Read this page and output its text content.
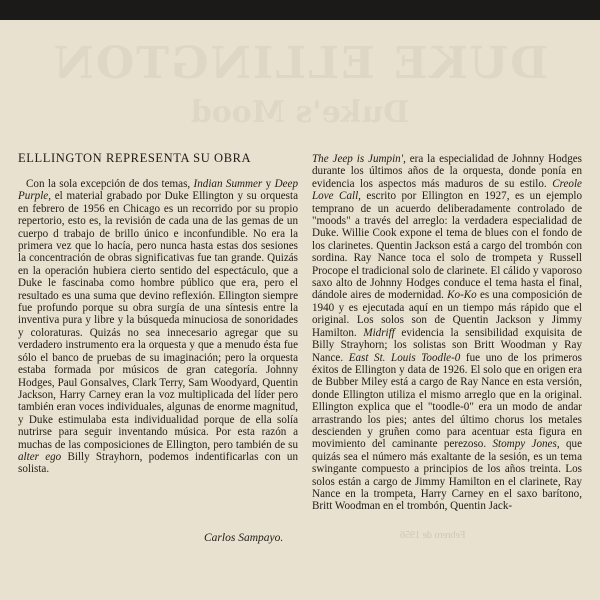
DUKE ELLINGTON
Duke's Mood
Febrero de 1956
ELLLINGTON REPRESENTA SU OBRA

Con la sola excepción de dos temas, Indian Summer y Deep Purple, el material grabado por Duke Ellington y su orquesta en febrero de 1956 en Chicago es un recorrido por su propio repertorio, esto es, la revisión de cada una de las gemas de un cuerpo d trabajo de brillo único e inconfundible. No era la primera vez que lo hacía, pero nunca hasta estas dos sesiones la concentración de obras significativas fue tan grande. Quizás en la operación hubiera cierto sentido del espectáculo, que a Duke le fascinaba como hombre público que era, pero el resultado es una suma que devino reflexión. Ellington siempre fue profundo porque su obra surgía de una síntesis entre la inventiva pura y libre y la búsqueda minuciosa de sonoridades y coloraturas. Quizás no sea innecesario agregar que su verdadero instrumento era la orquesta y que a menudo ésta fue sólo el banco de pruebas de su imaginación; pero la orquesta estaba formada por músicos de gran categoría. Johnny Hodges, Paul Gonsalves, Clark Terry, Sam Woodyard, Quentin Jackson, Harry Carney eran la voz multiplicada del líder pero también eran voces individuales, algunas de enorme magnitud, y Duke estimulaba esta individualidad porque de ella solía nutrirse para seguir inventando música. Por esta razón a muchas de las composiciones de Ellington, pero también de su alter ego Billy Strayhorn, podemos indentificarlas con un solista.

Carlos Sampayo.

The Jeep is Jumpin', era la especialidad de Johnny Hodges durante los últimos años de la orquesta, donde ponía en evidencia los aspectos más maduros de su estilo. Creole Love Call, escrito por Ellington en 1927, es un ejemplo temprano de un acuerdo deliberadamente controlado de "moods" a través del arreglo: la verdadera especialidad de Duke. Willie Cook expone el tema de blues con el fondo de los clarinetes. Quentin Jackson está a cargo del trombón con sordina. Ray Nance toca el solo de trompeta y Russell Procope el tradicional solo de clarinete. El cálido y vaporoso saxo alto de Johnny Hodges conduce el tema hasta el final, dándole aires de modernidad. Ko-Ko es una composición de 1940 y es ejecutada aquí en un tiempo más rápido que el original. Los solos son de Quentin Jackson y Jimmy Hamilton. Midriff evidencia la sensibilidad exquisita de Billy Strayhorn; los solistas son Britt Woodman y Ray Nance. East St. Louis Toodle-0 fue uno de los primeros éxitos de Ellington y data de 1926. El solo que en origen era de Bubber Miley está a cargo de Ray Nance en esta versión, donde Ellington utiliza el mismo arreglo que en la original. Ellington explica que el "toodle-0" era un modo de andar arrastrando los pies; antes del último chorus los metales descienden y gruñen como para acentuar esta figura en movimiento del caminante perezoso. Stompy Jones, que quizás sea el número más exaltante de la sesión, es un tema swingante compuesto a principios de los años treinta. Los solos están a cargo de Jimmy Hamilton en el clarinete, Ray Nance en la trompeta, Harry Carney en el saxo barítono, Britt Woodman en el trombón, Quentin Jack-
